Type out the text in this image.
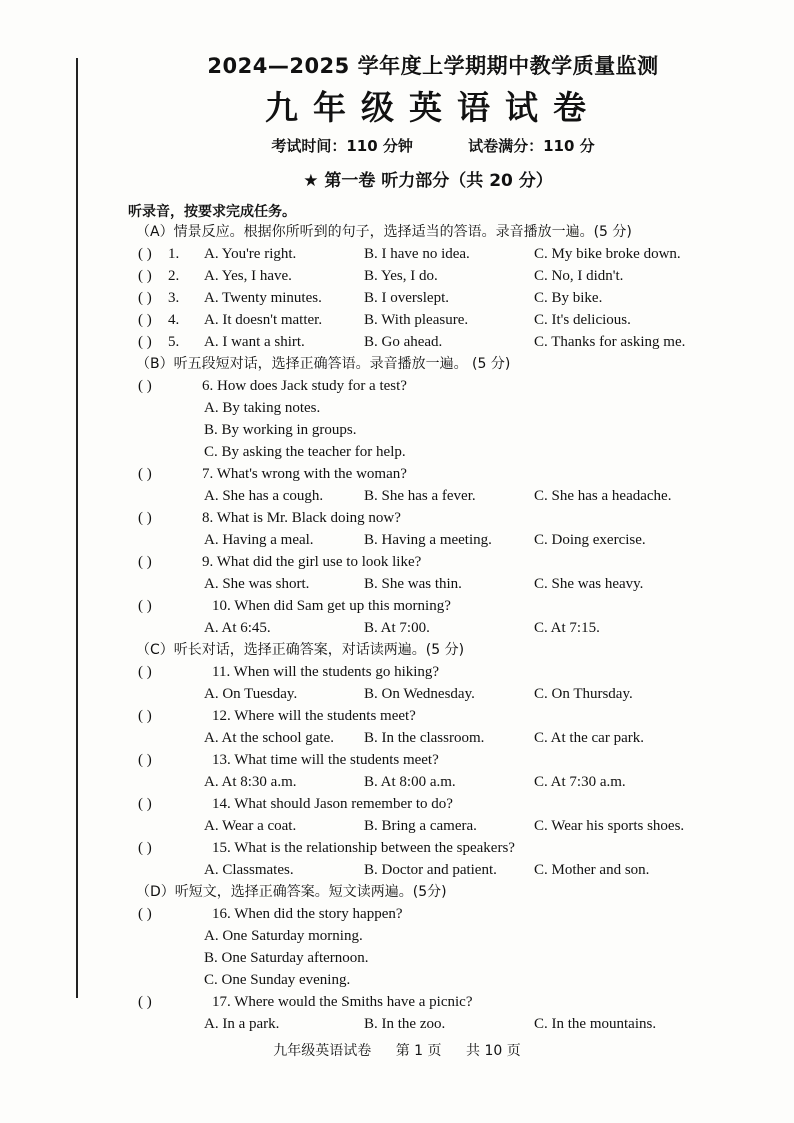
2024—2025 学年度上学期期中教学质量监测
九年级英语试卷
考试时间：110 分钟	试卷满分：110 分
★ 第一卷 听力部分（共 20 分）
听录音，按要求完成任务。
（A）情景反应。根据你所听到的句子，选择适当的答语。录音播放一遍。(5 分)
( ) 1. A. You're right.	B. I have no idea.	C. My bike broke down.
( ) 2. A. Yes, I have.	B. Yes, I do.	C. No, I didn't.
( ) 3. A. Twenty minutes.	B. I overslept.	C. By bike.
( ) 4. A. It doesn't matter.	B. With pleasure.	C. It's delicious.
( ) 5. A. I want a shirt.	B. Go ahead.	C. Thanks for asking me.
（B）听五段短对话，选择正确答语。录音播放一遍。 (5 分)
( )	6. How does Jack study for a test?
A. By taking notes.
B. By working in groups.
C. By asking the teacher for help.
( )	7. What's wrong with the woman?
A. She has a cough.	B. She has a fever.	C. She has a headache.
( )	8. What is Mr. Black doing now?
A. Having a meal.	B. Having a meeting.	C. Doing exercise.
( )	9. What did the girl use to look like?
A. She was short.	B. She was thin.	C. She was heavy.
( )	10. When did Sam get up this morning?
A. At 6:45.	B. At 7:00.	C. At 7:15.
（C）听长对话，选择正确答案，对话读两遍。(5 分)
( )	11. When will the students go hiking?
A. On Tuesday.	B. On Wednesday.	C. On Thursday.
( )	12. Where will the students meet?
A. At the school gate. B. In the classroom.	C. At the car park.
( )	13. What time will the students meet?
A. At 8:30 a.m.	B. At 8:00 a.m.	C. At 7:30 a.m.
( )	14. What should Jason remember to do?
A. Wear a coat.	B. Bring a camera.	C. Wear his sports shoes.
( )	15. What is the relationship between the speakers?
A. Classmates.	B. Doctor and patient. C. Mother and son.
（D）听短文，选择正确答案。短文读两遍。(5分)
( )	16. When did the story happen?
A. One Saturday morning.
B. One Saturday afternoon.
C. One Sunday evening.
( )	17. Where would the Smiths have a picnic?
A. In a park.	B. In the zoo.	C. In the mountains.
九年级英语试卷 第 1 页 共 10 页
